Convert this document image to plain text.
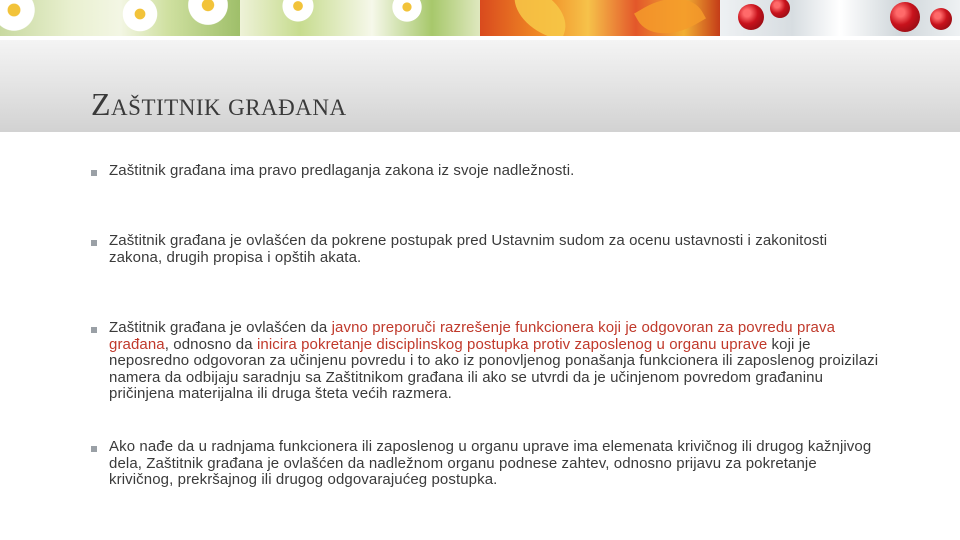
ZAŠTITNIK GRAĐANA
Zaštitnik građana ima pravo predlaganja zakona iz svoje nadležnosti.
Zaštitnik građana je ovlašćen da pokrene postupak pred Ustavnim sudom za ocenu ustavnosti i zakonitosti zakona, drugih propisa i opštih akata.
Zaštitnik građana je ovlašćen da javno preporuči razrešenje funkcionera koji je odgovoran za povredu prava građana, odnosno da inicira pokretanje disciplinskog postupka protiv zaposlenog u organu uprave koji je neposredno odgovoran za učinjenu povredu i to ako iz ponovljenog ponašanja funkcionera ili zaposlenog proizilazi namera da odbijaju saradnju sa Zaštitnikom građana ili ako se utvrdi da je učinjenom povredom građaninu pričinjena materijalna ili druga šteta većih razmera.
Ako nađe da u radnjama funkcionera ili zaposlenog u organu uprave ima elemenata krivičnog ili drugog kažnjivog dela, Zaštitnik građana je ovlašćen da nadležnom organu podnese zahtev, odnosno prijavu za pokretanje krivičnog, prekršajnog ili drugog odgovarajućeg postupka.
